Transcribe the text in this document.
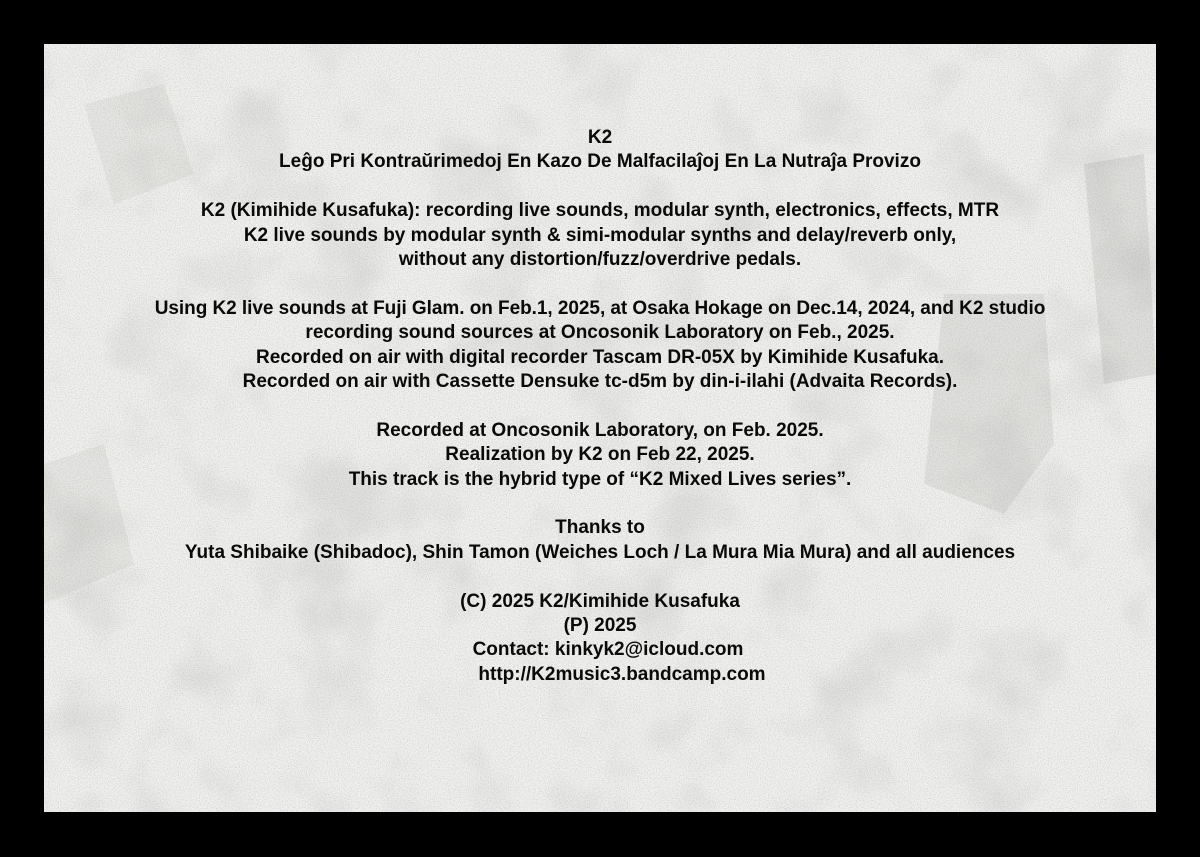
K2
Leĝo Pri Kontraŭrimedoj En Kazo De Malfacilaĵoj En La Nutraĵa Provizo
K2 (Kimihide Kusafuka): recording live sounds, modular synth, electronics, effects, MTR
K2 live sounds by modular synth & simi-modular synths and delay/reverb only,
without any distortion/fuzz/overdrive pedals.
Using K2 live sounds at Fuji Glam. on Feb.1, 2025, at Osaka Hokage on Dec.14, 2024, and K2 studio
recording sound sources at Oncosonik Laboratory on Feb., 2025.
Recorded on air with digital recorder Tascam DR-05X by Kimihide Kusafuka.
Recorded on air with Cassette Densuke tc-d5m by din-i-ilahi (Advaita Records).
Recorded at Oncosonik Laboratory, on Feb. 2025.
Realization by K2 on Feb 22, 2025.
This track is the hybrid type of “K2 Mixed Lives series”.
Thanks to
Yuta Shibaike (Shibadoc), Shin Tamon (Weiches Loch / La Mura Mia Mura) and all audiences
(C) 2025 K2/Kimihide Kusafuka
(P) 2025
Contact: kinkyk2@icloud.com
http://K2music3.bandcamp.com
